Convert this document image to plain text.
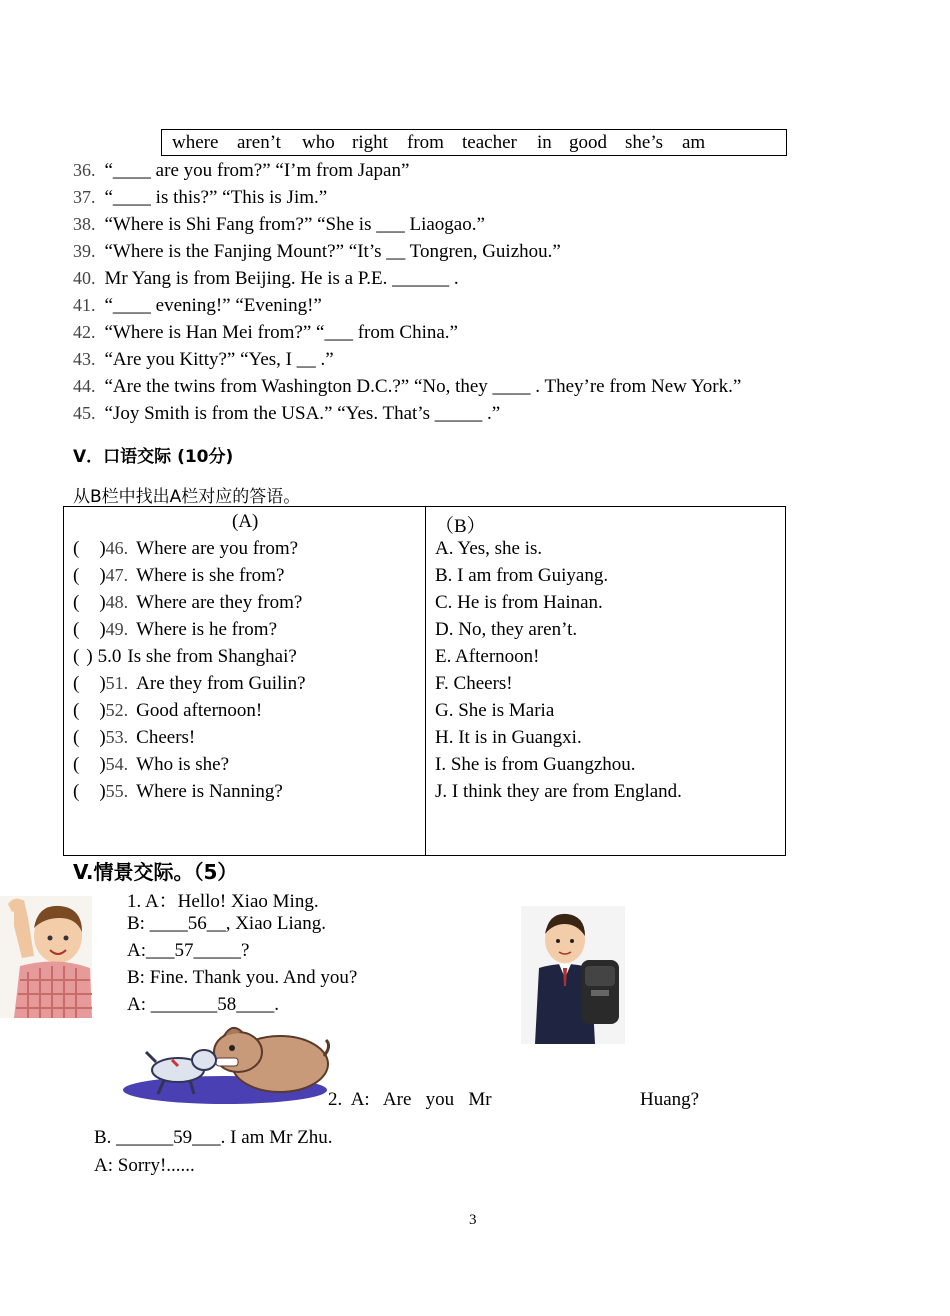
where aren’t who right from teacher in good she’s am
36. “____ are you from?” “I’m from Japan”
37. “____ is this?” “This is Jim.”
38. “Where is Shi Fang from?” “She is ___ Liaogao.”
39. “Where is the Fanjing Mount?” “It’s __ Tongren, Guizhou.”
40. Mr Yang is from Beijing. He is a P.E. ______ .
41. “____ evening!” “Evening!”
42. “Where is Han Mei from?” “___ from China.”
43. “Are you Kitty?” “Yes, I __ .”
44. “Are the twins from Washington D.C.?” “No, they ____ . They’re from New York.”
45. “Joy Smith is from the USA.” “Yes. That’s _____ .”
V．口语交际 (10分)
从B栏中找出A栏对应的答语。
(A)
( )46. Where are you from?
( )47. Where is she from?
( )48. Where are they from?
( )49. Where is he from?
( ) 5.0 Is she from Shanghai?
( )51. Are they from Guilin?
( )52. Good afternoon!
( )53. Cheers!
( )54. Who is she?
( )55. Where is Nanning?

（B）
A. Yes, she is.
B. I am from Guiyang.
C. He is from Hainan.
D. No, they aren’t.
E. Afternoon!
F. Cheers!
G. She is Maria
H. It is in Guangxi.
I. She is from Guangzhou.
J. I think they are from England.
V.情景交际。（5）
1. A：Hello! Xiao Ming.
B: ____56__, Xiao Liang.
A:___57_____?
B: Fine. Thank you. And you?
A: _______58____.
2.  A:   Are   you   Mr	Huang?
B. ______59___. I am Mr Zhu.
A: Sorry!......
3
